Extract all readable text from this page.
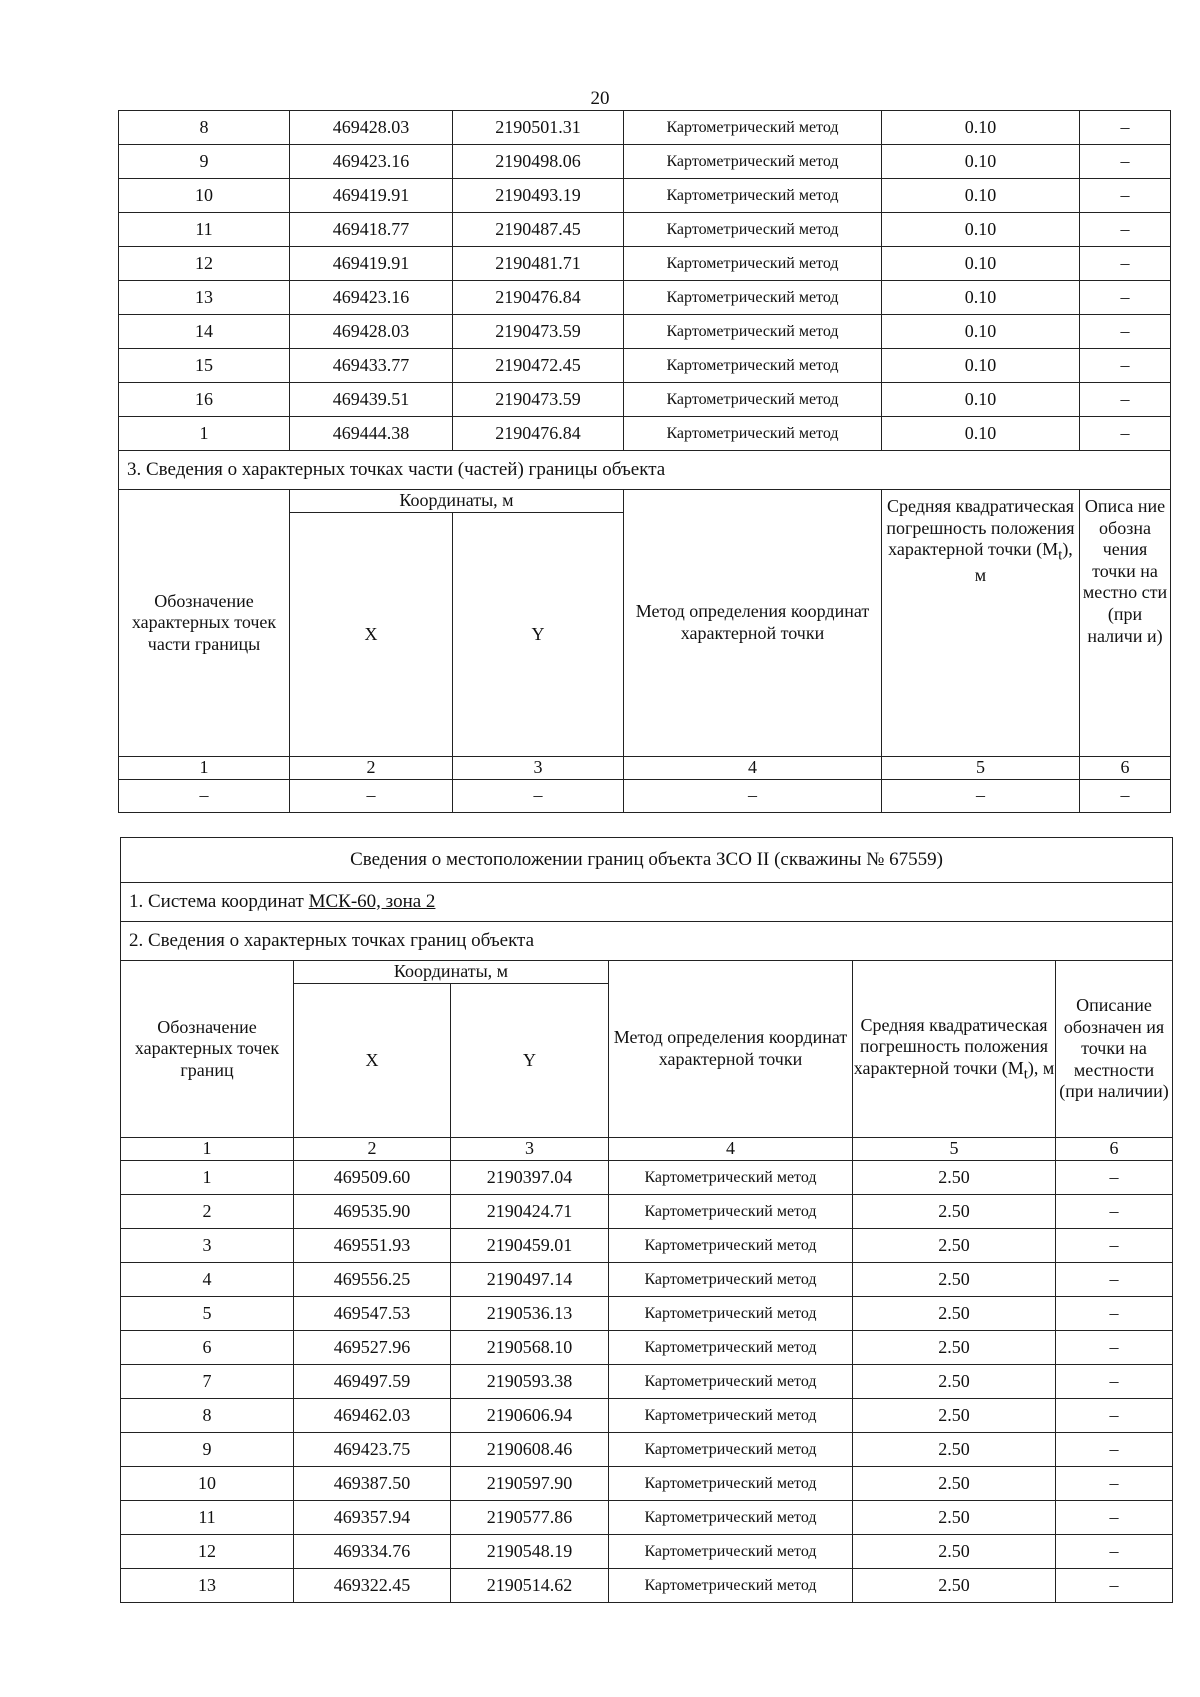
20
8	469428.03	2190501.31	Картометрический метод	0.10	–
9	469423.16	2190498.06	Картометрический метод	0.10	–
10	469419.91	2190493.19	Картометрический метод	0.10	–
11	469418.77	2190487.45	Картометрический метод	0.10	–
12	469419.91	2190481.71	Картометрический метод	0.10	–
13	469423.16	2190476.84	Картометрический метод	0.10	–
14	469428.03	2190473.59	Картометрический метод	0.10	–
15	469433.77	2190472.45	Картометрический метод	0.10	–
16	469439.51	2190473.59	Картометрический метод	0.10	–
1	469444.38	2190476.84	Картометрический метод	0.10	–
3. Сведения о характерных точках части (частей) границы объекта					
Обозначение характерных точек части границы	Координаты, м		Метод определения координат характерной точки	Средняя квадратическая погрешность положения характерной точки $(M_t)$, м	Описа ние обозна чения точки на местно сти (при наличи и)
	X	Y			
1	2	3	4	5	6
–	–	–	–	–	–
Сведения о местоположении границ объекта ЗСО II (скважины № 67559)					
1. Система координат МСК-60, зона 2					
2. Сведения о характерных точках границ объекта					
Обозначение характерных точек границ	Координаты, м		Метод определения координат характерной точки	Средняя квадратическая погрешность положения характерной точки $(M_t)$, м	Описание обозначен ия точки на местности (при наличии)
	X	Y			
1	2	3	4	5	6
1	469509.60	2190397.04	Картометрический метод	2.50	–
2	469535.90	2190424.71	Картометрический метод	2.50	–
3	469551.93	2190459.01	Картометрический метод	2.50	–
4	469556.25	2190497.14	Картометрический метод	2.50	–
5	469547.53	2190536.13	Картометрический метод	2.50	–
6	469527.96	2190568.10	Картометрический метод	2.50	–
7	469497.59	2190593.38	Картометрический метод	2.50	–
8	469462.03	2190606.94	Картометрический метод	2.50	–
9	469423.75	2190608.46	Картометрический метод	2.50	–
10	469387.50	2190597.90	Картометрический метод	2.50	–
11	469357.94	2190577.86	Картометрический метод	2.50	–
12	469334.76	2190548.19	Картометрический метод	2.50	–
13	469322.45	2190514.62	Картометрический метод	2.50	–
